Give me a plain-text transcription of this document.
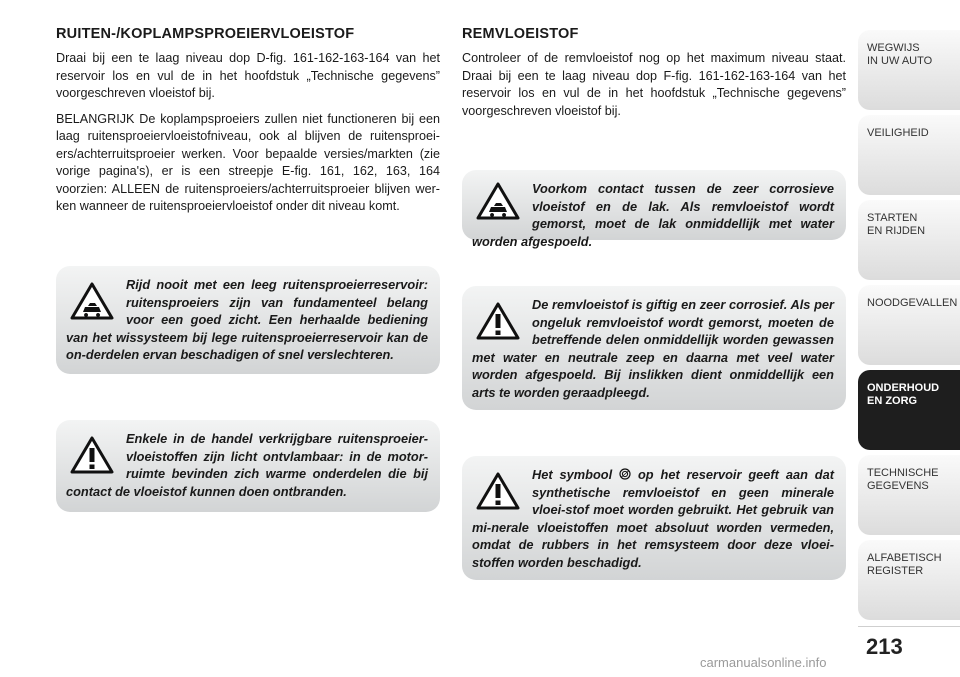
RUITEN-/KOPLAMPSPROEIERVLOEISTOF

Draai bij een te laag niveau dop D-fig. 161-162-163-164 van het reservoir los en vul de in het hoofdstuk „Technische gegevens” voorgeschreven vloeistof bij.

BELANGRIJK De koplampsproeiers zullen niet functioneren bij een laag ruitensproeiervloeistofniveau, ook al blijven de ruitensproei-ers/achterruitsproeier werken. Voor bepaalde versies/markten (zie vorige pagina's), er is een streepje E-fig. 161, 162, 163, 164 voorzien: ALLEEN de ruitensproeiers/achterruitsproeier blijven wer-ken wanneer de ruitensproeiervloeistof onder dit niveau komt.

Rijd nooit met een leeg ruitensproeierreservoir: ruitensproeiers zijn van fundamenteel belang voor een goed zicht. Een herhaalde bediening van het wissysteem bij lege ruitensproeierreservoir kan de on-derdelen ervan beschadigen of snel verslechteren.

Enkele in de handel verkrijgbare ruitensproeier-vloeistoffen zijn licht ontvlambaar: in de motor-ruimte bevinden zich warme onderdelen die bij contact de vloeistof kunnen doen ontbranden.

REMVLOEISTOF

Controleer of de remvloeistof nog op het maximum niveau staat. Draai bij een te laag niveau dop F-fig. 161-162-163-164 van het reservoir los en vul de in het hoofdstuk „Technische gegevens” voorgeschreven vloeistof bij.

Voorkom contact tussen de zeer corrosieve vloeistof en de lak. Als remvloeistof wordt gemorst, moet de lak onmiddellijk met water worden afgespoeld.

De remvloeistof is giftig en zeer corrosief. Als per ongeluk remvloeistof wordt gemorst, moeten de betreffende delen onmiddellijk worden gewassen met water en neutrale zeep en daarna met veel water worden afgespoeld. Bij inslikken dient onmiddellijk een arts te worden geraadpleegd.

Het symbool  op het reservoir geeft aan dat synthetische remvloeistof en geen minerale vloei-stof moet worden gebruikt. Het gebruik van mi-nerale vloeistoffen moet absoluut worden vermeden, omdat de rubbers in het remsysteem door deze vloei-stoffen worden beschadigd.

WEGWIJS
IN UW AUTO
VEILIGHEID
STARTEN
EN RIJDEN
NOODGEVALLEN
ONDERHOUD
EN ZORG
TECHNISCHE
GEGEVENS
ALFABETISCH
REGISTER
213
carmanualsonline.info
